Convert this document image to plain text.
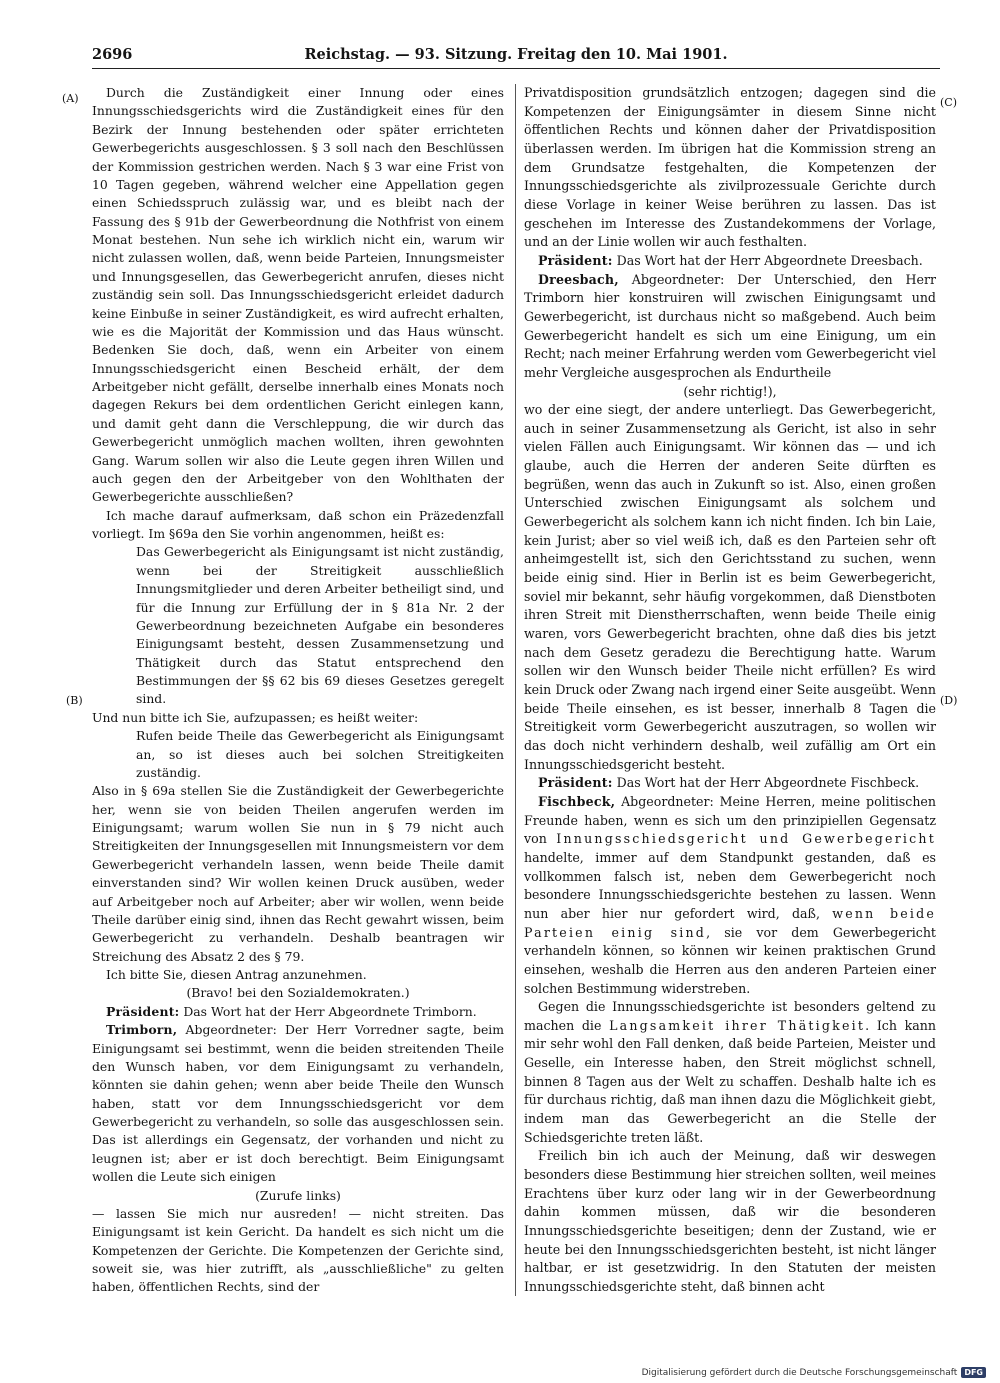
2696	Reichstag. — 93. Sitzung. Freitag den 10. Mai 1901.
(A)
(B)
(C)
(D)

Durch die Zuständigkeit einer Innung oder eines Innungsschiedsgerichts wird die Zuständigkeit eines für den Bezirk der Innung bestehenden oder später errichteten Gewerbegerichts ausgeschlossen. § 3 soll nach den Beschlüssen der Kommission gestrichen werden. Nach § 3 war eine Frist von 10 Tagen gegeben, während welcher eine Appellation gegen einen Schiedsspruch zulässig war, und es bleibt nach der Fassung des § 91b der Gewerbeordnung die Nothfrist von einem Monat bestehen. Nun sehe ich wirklich nicht ein, warum wir nicht zulassen wollen, daß, wenn beide Parteien, Innungsmeister und Innungsgesellen, das Gewerbegericht anrufen, dieses nicht zuständig sein soll. Das Innungsschiedsgericht erleidet dadurch keine Einbuße in seiner Zuständigkeit, es wird aufrecht erhalten, wie es die Majorität der Kommission und das Haus wünscht. Bedenken Sie doch, daß, wenn ein Arbeiter von einem Innungsschiedsgericht einen Bescheid erhält, der dem Arbeitgeber nicht gefällt, derselbe innerhalb eines Monats noch dagegen Rekurs bei dem ordentlichen Gericht einlegen kann, und damit geht dann die Verschleppung, die wir durch das Gewerbegericht unmöglich machen wollten, ihren gewohnten Gang. Warum sollen wir also die Leute gegen ihren Willen und auch gegen den der Arbeitgeber von den Wohlthaten der Gewerbegerichte ausschließen?

Ich mache darauf aufmerksam, daß schon ein Präzedenzfall vorliegt. Im §69a den Sie vorhin angenommen, heißt es:

Das Gewerbegericht als Einigungsamt ist nicht zuständig, wenn bei der Streitigkeit ausschließlich Innungsmitglieder und deren Arbeiter betheiligt sind, und für die Innung zur Erfüllung der in § 81a Nr. 2 der Gewerbeordnung bezeichneten Aufgabe ein besonderes Einigungsamt besteht, dessen Zusammensetzung und Thätigkeit durch das Statut entsprechend den Bestimmungen der §§ 62 bis 69 dieses Gesetzes geregelt sind.

Und nun bitte ich Sie, aufzupassen; es heißt weiter:

Rufen beide Theile das Gewerbegericht als Einigungsamt an, so ist dieses auch bei solchen Streitigkeiten zuständig.

Also in § 69a stellen Sie die Zuständigkeit der Gewerbegerichte her, wenn sie von beiden Theilen angerufen werden im Einigungsamt; warum wollen Sie nun in § 79 nicht auch Streitigkeiten der Innungsgesellen mit Innungsmeistern vor dem Gewerbegericht verhandeln lassen, wenn beide Theile damit einverstanden sind? Wir wollen keinen Druck ausüben, weder auf Arbeitgeber noch auf Arbeiter; aber wir wollen, wenn beide Theile darüber einig sind, ihnen das Recht gewahrt wissen, beim Gewerbegericht zu verhandeln. Deshalb beantragen wir Streichung des Absatz 2 des § 79.

Ich bitte Sie, diesen Antrag anzunehmen.

(Bravo! bei den Sozialdemokraten.)

Präsident: Das Wort hat der Herr Abgeordnete Trimborn.

Trimborn, Abgeordneter: Der Herr Vorredner sagte, beim Einigungsamt sei bestimmt, wenn die beiden streitenden Theile den Wunsch haben, vor dem Einigungsamt zu verhandeln, könnten sie dahin gehen; wenn aber beide Theile den Wunsch haben, statt vor dem Innungsschiedsgericht vor dem Gewerbegericht zu verhandeln, so solle das ausgeschlossen sein. Das ist allerdings ein Gegensatz, der vorhanden und nicht zu leugnen ist; aber er ist doch berechtigt. Beim Einigungsamt wollen die Leute sich einigen

(Zurufe links)

— lassen Sie mich nur ausreden! — nicht streiten. Das Einigungsamt ist kein Gericht. Da handelt es sich nicht um die Kompetenzen der Gerichte. Die Kompetenzen der Gerichte sind, soweit sie, was hier zutrifft, als „ausschließliche" zu gelten haben, öffentlichen Rechts, sind der

Privatdisposition grundsätzlich entzogen; dagegen sind die Kompetenzen der Einigungsämter in diesem Sinne nicht öffentlichen Rechts und können daher der Privatdisposition überlassen werden. Im übrigen hat die Kommission streng an dem Grundsatze festgehalten, die Kompetenzen der Innungsschiedsgerichte als zivilprozessuale Gerichte durch diese Vorlage in keiner Weise berühren zu lassen. Das ist geschehen im Interesse des Zustandekommens der Vorlage, und an der Linie wollen wir auch festhalten.

Präsident: Das Wort hat der Herr Abgeordnete Dreesbach.

Dreesbach, Abgeordneter: Der Unterschied, den Herr Trimborn hier konstruiren will zwischen Einigungsamt und Gewerbegericht, ist durchaus nicht so maßgebend. Auch beim Gewerbegericht handelt es sich um eine Einigung, um ein Recht; nach meiner Erfahrung werden vom Gewerbegericht viel mehr Vergleiche ausgesprochen als Endurtheile

(sehr richtig!),

wo der eine siegt, der andere unterliegt. Das Gewerbegericht, auch in seiner Zusammensetzung als Gericht, ist also in sehr vielen Fällen auch Einigungsamt. Wir können das — und ich glaube, auch die Herren der anderen Seite dürften es begrüßen, wenn das auch in Zukunft so ist. Also, einen großen Unterschied zwischen Einigungsamt als solchem und Gewerbegericht als solchem kann ich nicht finden. Ich bin Laie, kein Jurist; aber so viel weiß ich, daß es den Parteien sehr oft anheimgestellt ist, sich den Gerichtsstand zu suchen, wenn beide einig sind. Hier in Berlin ist es beim Gewerbegericht, soviel mir bekannt, sehr häufig vorgekommen, daß Dienstboten ihren Streit mit Dienstherrschaften, wenn beide Theile einig waren, vors Gewerbegericht brachten, ohne daß dies bis jetzt nach dem Gesetz geradezu die Berechtigung hatte. Warum sollen wir den Wunsch beider Theile nicht erfüllen? Es wird kein Druck oder Zwang nach irgend einer Seite ausgeübt. Wenn beide Theile einsehen, es ist besser, innerhalb 8 Tagen die Streitigkeit vorm Gewerbegericht auszutragen, so wollen wir das doch nicht verhindern deshalb, weil zufällig am Ort ein Innungsschiedsgericht besteht.

Präsident: Das Wort hat der Herr Abgeordnete Fischbeck.

Fischbeck, Abgeordneter: Meine Herren, meine politischen Freunde haben, wenn es sich um den prinzipiellen Gegensatz von Innungsschiedsgericht und Gewerbegericht handelte, immer auf dem Standpunkt gestanden, daß es vollkommen falsch ist, neben dem Gewerbegericht noch besondere Innungsschiedsgerichte bestehen zu lassen. Wenn nun aber hier nur gefordert wird, daß, wenn beide Parteien einig sind, sie vor dem Gewerbegericht verhandeln können, so können wir keinen praktischen Grund einsehen, weshalb die Herren aus den anderen Parteien einer solchen Bestimmung widerstreben.

Gegen die Innungsschiedsgerichte ist besonders geltend zu machen die Langsamkeit ihrer Thätigkeit. Ich kann mir sehr wohl den Fall denken, daß beide Parteien, Meister und Geselle, ein Interesse haben, den Streit möglichst schnell, binnen 8 Tagen aus der Welt zu schaffen. Deshalb halte ich es für durchaus richtig, daß man ihnen dazu die Möglichkeit giebt, indem man das Gewerbegericht an die Stelle der Schiedsgerichte treten läßt.

Freilich bin ich auch der Meinung, daß wir deswegen besonders diese Bestimmung hier streichen sollten, weil meines Erachtens über kurz oder lang wir in der Gewerbeordnung dahin kommen müssen, daß wir die besonderen Innungsschiedsgerichte beseitigen; denn der Zustand, wie er heute bei den Innungsschiedsgerichten besteht, ist nicht länger haltbar, er ist gesetzwidrig. In den Statuten der meisten Innungsschiedsgerichte steht, daß binnen acht

Digitalisierung gefördert durch die Deutsche Forschungsgemeinschaft DFG
